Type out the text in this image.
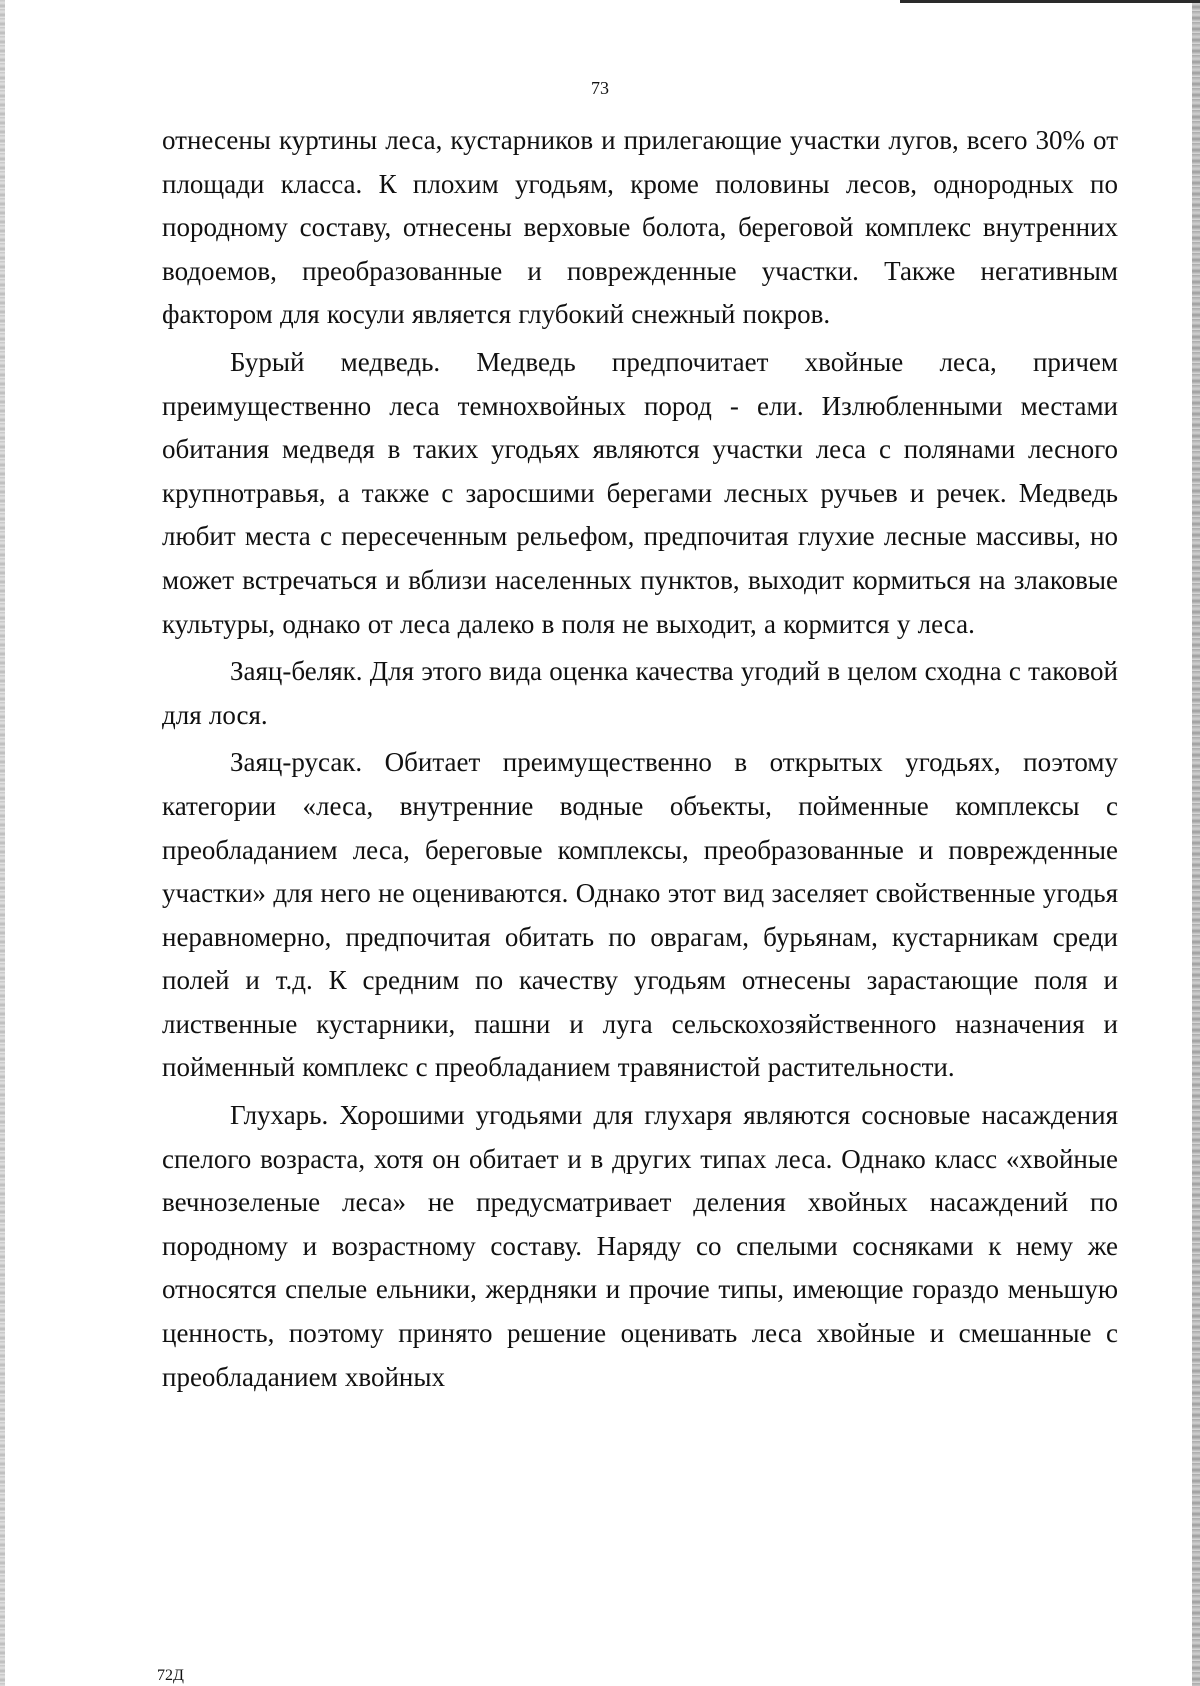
73

отнесены куртины леса, кустарников и прилегающие участки лугов, всего 30% от площади класса. К плохим угодьям, кроме половины лесов, однородных по породному составу, отнесены верховые болота, береговой комплекс внутренних водоемов, преобразованные и поврежденные участки. Также негативным фактором для косули является глубокий снежный покров.

Бурый медведь. Медведь предпочитает хвойные леса, причем преимущественно леса темнохвойных пород - ели. Излюбленными местами обитания медведя в таких угодьях являются участки леса с полянами лесного крупнотравья, а также с заросшими берегами лесных ручьев и речек. Медведь любит места с пересеченным рельефом, предпочитая глухие лесные массивы, но может встречаться и вблизи населенных пунктов, выходит кормиться на злаковые культуры, однако от леса далеко в поля не выходит, а кормится у леса.

Заяц-беляк. Для этого вида оценка качества угодий в целом сходна с таковой для лося.

Заяц-русак. Обитает преимущественно в открытых угодьях, поэтому категории «леса, внутренние водные объекты, пойменные комплексы с преобладанием леса, береговые комплексы, преобразованные и поврежденные участки» для него не оцениваются. Однако этот вид заселяет свойственные угодья неравномерно, предпочитая обитать по оврагам, бурьянам, кустарникам среди полей и т.д. К средним по качеству угодьям отнесены зарастающие поля и лиственные кустарники, пашни и луга сельскохозяйственного назначения и пойменный комплекс с преобладанием травянистой растительности.

Глухарь. Хорошими угодьями для глухаря являются сосновые насаждения спелого возраста, хотя он обитает и в других типах леса. Однако класс «хвойные вечнозеленые леса» не предусматривает деления хвойных насаждений по породному и возрастному составу. Наряду со спелыми сосняками к нему же относятся спелые ельники, жердняки и прочие типы, имеющие гораздо меньшую ценность, поэтому принято решение оценивать леса хвойные и смешанные с преобладанием хвойных

72Д
